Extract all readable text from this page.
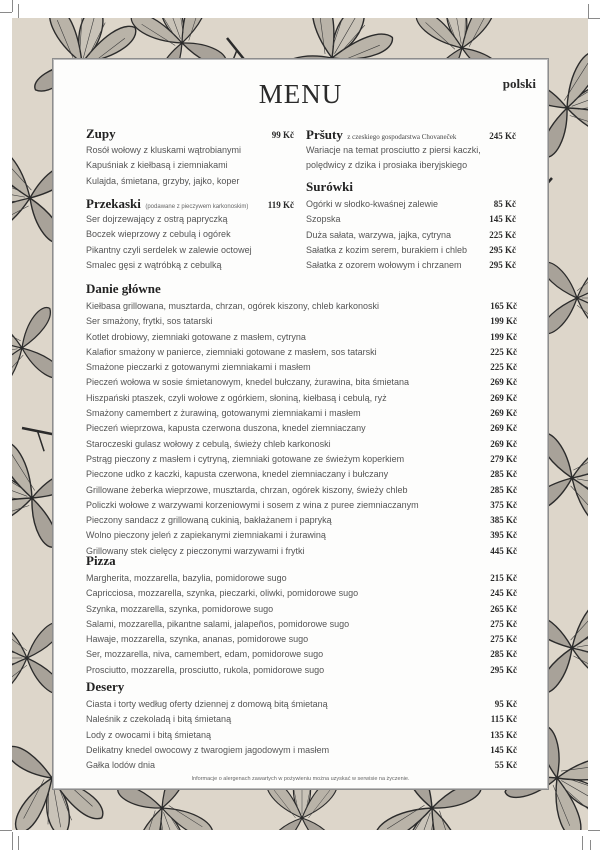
MENU	polski
Zupy	99 Kč
Rosół wołowy z kluskami wątrobianymi
Kapuśniak z kiełbasą i ziemniakami
Kulajda, śmietana, grzyby, jajko, koper
Przekaski (podawane z pieczywem karkonoskim) 119 Kč
Ser dojrzewający z ostrą papryczką
Boczek wieprzowy z cebulą i ogórek
Pikantny czyli serdelek w zalewie octowej
Smalec gęsi z wątróbką z cebulką
Pršuty z czeskiego gospodarstwa Chovaneček	245 Kč
Wariacje na temat prosciutto z piersi kaczki,
polędwicy z dzika i prosiaka iberyjskiego
Surówki
Ogórki w słodko-kwaśnej zalewie	85 Kč
Szopska	145 Kč
Duża sałata, warzywa, jajka, cytryna	225 Kč
Sałatka z kozim serem, burakiem i chleb 295 Kč
Sałatka z ozorem wołowym i chrzanem	295 Kč
Danie główne
Kiełbasa grillowana, musztarda, chrzan, ogórek kiszony, chleb karkonoski	165 Kč
Ser smażony, frytki, sos tatarski	199 Kč
Kotlet drobiowy, ziemniaki gotowane z masłem, cytryna	199 Kč
Kalafior smażony w panierce, ziemniaki gotowane z masłem, sos tatarski	225 Kč
Smażone pieczarki z gotowanymi ziemniakami i masłem	225 Kč
Pieczeń wołowa w sosie śmietanowym, knedel bułczany, żurawina, bita śmietana	269 Kč
Hiszpański ptaszek, czyli wołowe z ogórkiem, słoniną, kiełbasą i cebulą, ryż	269 Kč
Smażony camembert z żurawiną, gotowanymi ziemniakami i masłem	269 Kč
Pieczeń wieprzowa, kapusta czerwona duszona, knedel ziemniaczany	269 Kč
Staroczeski gulasz wołowy z cebulą, świeży chleb karkonoski	269 Kč
Pstrąg pieczony z masłem i cytryną, ziemniaki gotowane ze świeżym koperkiem	279 Kč
Pieczone udko z kaczki, kapusta czerwona, knedel ziemniaczany i bułczany	285 Kč
Grillowane żeberka wieprzowe, musztarda, chrzan, ogórek kiszony, świeży chleb	285 Kč
Policzki wołowe z warzywami korzeniowymi i sosem z wina z puree ziemniaczanym	375 Kč
Pieczony sandacz z grillowaną cukinią, bakłażanem i papryką	385 Kč
Wolno pieczony jeleń z zapiekanymi ziemniakami i żurawiną	395 Kč
Grillowany stek cielęcy z pieczonymi warzywami i frytki	445 Kč
Pizza
Margherita, mozzarella, bazylia, pomidorowe sugo	215 Kč
Capricciosa, mozzarella, szynka, pieczarki, oliwki, pomidorowe sugo	245 Kč
Szynka, mozzarella, szynka, pomidorowe sugo	265 Kč
Salami, mozzarella, pikantne salami, jalapeños, pomidorowe sugo	275 Kč
Hawaje, mozzarella, szynka, ananas, pomidorowe sugo	275 Kč
Ser, mozzarella, niva, camembert, edam, pomidorowe sugo	285 Kč
Prosciutto, mozzarella, prosciutto, rukola, pomidorowe sugo	295 Kč
Desery
Ciasta i torty według oferty dziennej z domową bitą śmietaną	95 Kč
Naleśnik z czekoladą i bitą śmietaną	115 Kč
Lody z owocami i bitą śmietaną	135 Kč
Delikatny knedel owocowy z twarogiem jagodowym i masłem	145 Kč
Gałka lodów dnia	55 Kč
Informacje o alergenach zawartych w pożywieniu można uzyskać w serwisie na życzenie.
